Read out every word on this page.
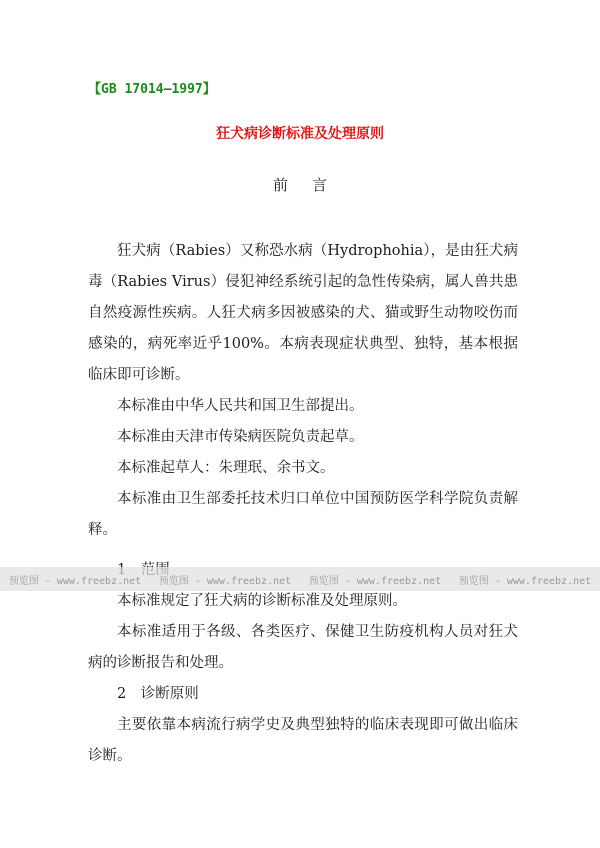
【GB 17014—1997】
狂犬病诊断标准及处理原则
前言

狂犬病（Rabies）又称恐水病（Hydrophohia），是由狂犬病毒（Rabies Virus）侵犯神经系统引起的急性传染病，属人兽共患自然疫源性疾病。人狂犬病多因被感染的犬、猫或野生动物咬伤而感染的，病死率近乎100%。本病表现症状典型、独特，基本根据临床即可诊断。

本标准由中华人民共和国卫生部提出。

本标准由天津市传染病医院负责起草。

本标准起草人：朱理珉、余书文。

本标准由卫生部委托技术归口单位中国预防医学科学院负责解释。

本标准规定了狂犬病的诊断标准及处理原则。

本标准适用于各级、各类医疗、保健卫生防疫机构人员对狂犬病的诊断报告和处理。

2　诊断原则

主要依靠本病流行病学史及典型独特的临床表现即可做出临床诊断。

预览图 - www.freebz.net 预览图 - www.freebz.net 预览图 - www.freebz.net 预览图 - www.freebz.net
